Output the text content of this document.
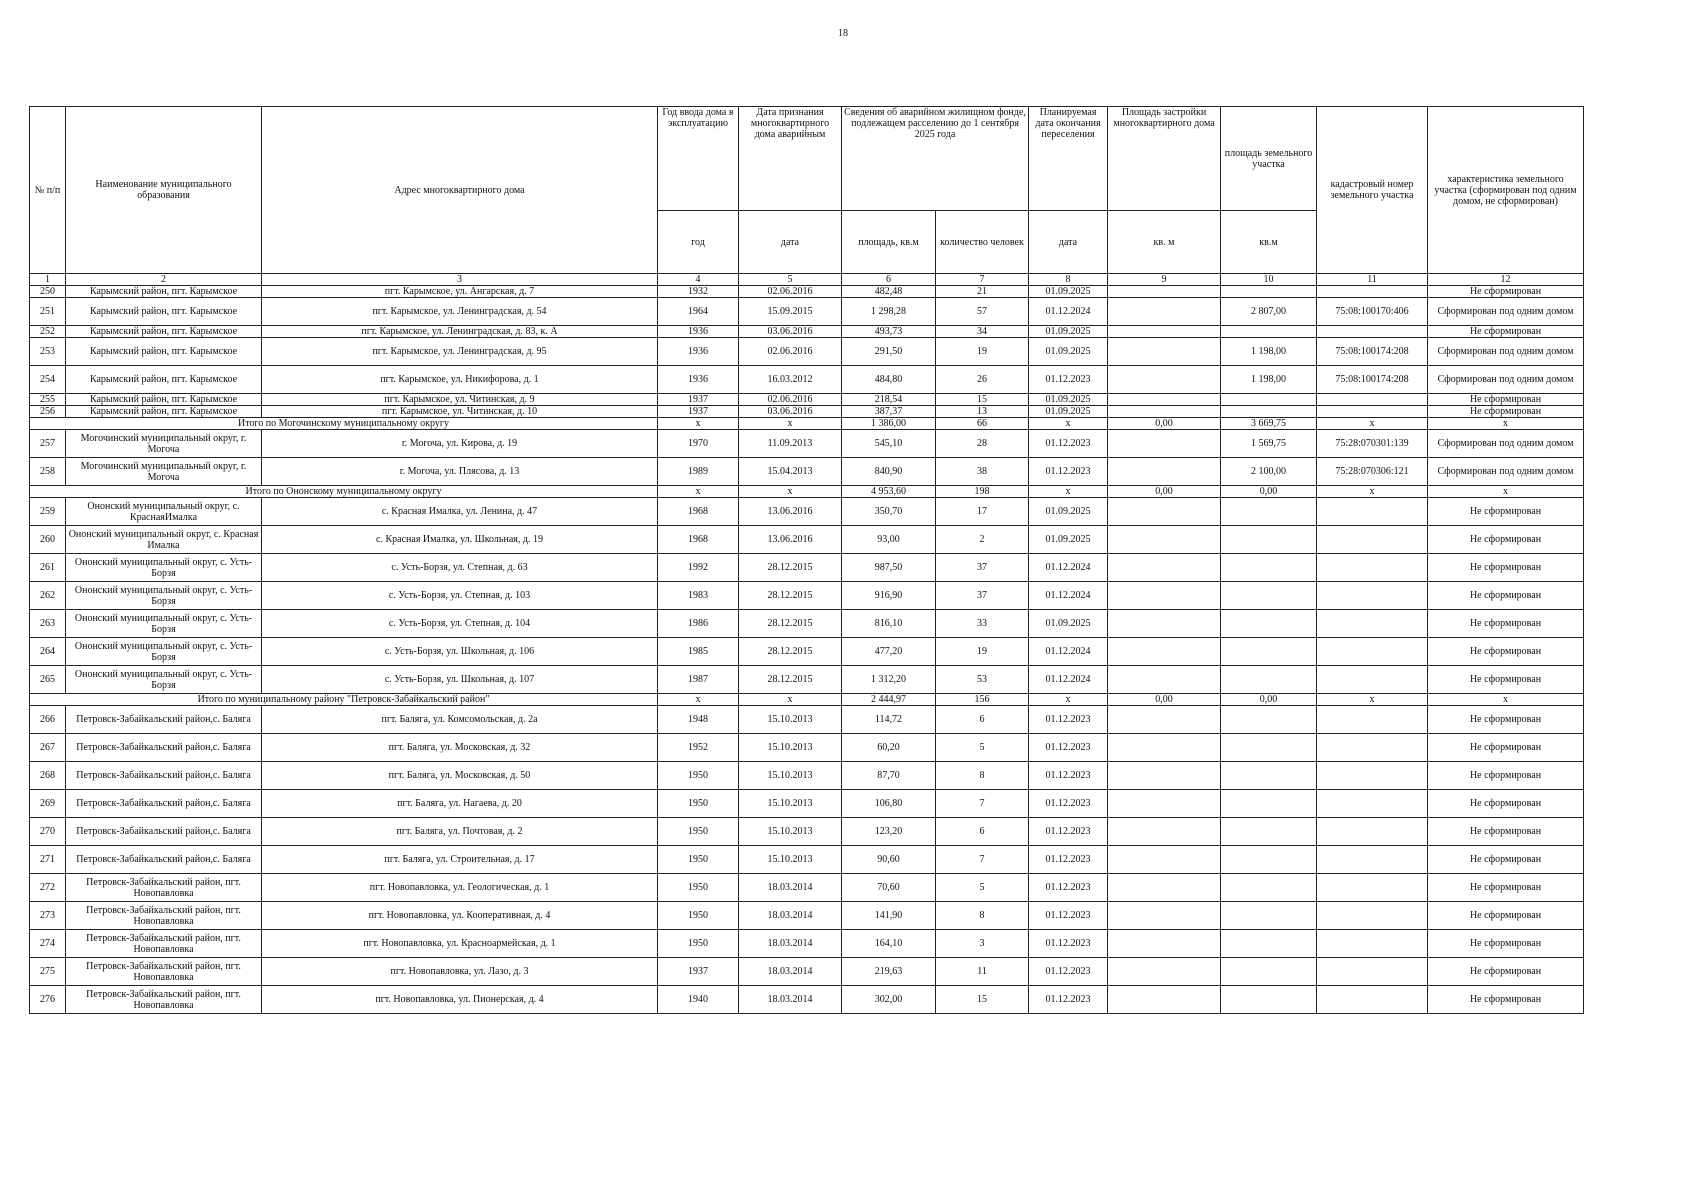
18
№ п/п	Наименование муниципального образования	Адрес многоквартирного дома	Год ввода дома в эксплуатацию	Дата признания многоквартирного дома аварийным	Сведения об аварийном жилищном фонде, подлежащем расселению до 1 сентября 2025 года		Планируемая дата окончания переселения	Площадь застройки многоквартирного дома	площадь земельного участка	кадастровый номер земельного участка	характеристика земельного участка (сформирован под одним домом, не сформирован)
			год	дата	площадь, кв.м	количество человек	дата	кв. м	кв.м		
1	2	3	4	5	6	7	8	9	10	11	12
250	Карымский район, пгт. Карымское	пгт. Карымское, ул. Ангарская, д. 7	1932	02.06.2016	482,48	21	01.09.2025				Не сформирован
251	Карымский район, пгт. Карымское	пгт. Карымское, ул. Ленинградская, д. 54	1964	15.09.2015	1 298,28	57	01.12.2024		2 807,00	75:08:100170:406	Сформирован под одним домом
252	Карымский район, пгт. Карымское	пгт. Карымское, ул. Ленинградская, д. 83, к. А	1936	03.06.2016	493,73	34	01.09.2025				Не сформирован
253	Карымский район, пгт. Карымское	пгт. Карымское, ул. Ленинградская, д. 95	1936	02.06.2016	291,50	19	01.09.2025		1 198,00	75:08:100174:208	Сформирован под одним домом
254	Карымский район, пгт. Карымское	пгт. Карымское, ул. Никифорова, д. 1	1936	16.03.2012	484,80	26	01.12.2023		1 198,00	75:08:100174:208	Сформирован под одним домом
255	Карымский район, пгт. Карымское	пгт. Карымское, ул. Читинская, д. 9	1937	02.06.2016	218,54	15	01.09.2025				Не сформирован
256	Карымский район, пгт. Карымское	пгт. Карымское, ул. Читинская, д. 10	1937	03.06.2016	387,37	13	01.09.2025				Не сформирован
Итого по Могочинскому муниципальному округу			x	x	1 386,00	66	x	0,00	3 669,75	x	x
257	Могочинский муниципальный округ, г. Могоча	г. Могоча, ул. Кирова, д. 19	1970	11.09.2013	545,10	28	01.12.2023		1 569,75	75:28:070301:139	Сформирован под одним домом
258	Могочинский муниципальный округ, г. Могоча	г. Могоча, ул. Плясова, д. 13	1989	15.04.2013	840,90	38	01.12.2023		2 100,00	75:28:070306:121	Сформирован под одним домом
Итого по Ононскому муниципальному округу			x	x	4 953,60	198	x	0,00	0,00	x	x
259	Ононский муниципальный округ, с. КраснаяИмалка	с. Красная Ималка, ул. Ленина, д. 47	1968	13.06.2016	350,70	17	01.09.2025				Не сформирован
260	Ононский муниципальный округ, с. Красная Ималка	с. Красная Ималка, ул. Школьная, д. 19	1968	13.06.2016	93,00	2	01.09.2025				Не сформирован
261	Ононский муниципальный округ, с. Усть-Борзя	с. Усть-Борзя, ул. Степная, д. 63	1992	28.12.2015	987,50	37	01.12.2024				Не сформирован
262	Ононский муниципальный округ, с. Усть-Борзя	с. Усть-Борзя, ул. Степная, д. 103	1983	28.12.2015	916,90	37	01.12.2024				Не сформирован
263	Ононский муниципальный округ, с. Усть-Борзя	с. Усть-Борзя, ул. Степная, д. 104	1986	28.12.2015	816,10	33	01.09.2025				Не сформирован
264	Ононский муниципальный округ, с. Усть-Борзя	с. Усть-Борзя, ул. Школьная, д. 106	1985	28.12.2015	477,20	19	01.12.2024				Не сформирован
265	Ононский муниципальный округ, с. Усть-Борзя	с. Усть-Борзя, ул. Школьная, д. 107	1987	28.12.2015	1 312,20	53	01.12.2024				Не сформирован
Итого по муниципальному району "Петровск-Забайкальский район"			x	x	2 444,97	156	x	0,00	0,00	x	x
266	Петровск-Забайкальский район,с. Балягa	пгт. Балягa, ул. Комсомольская, д. 2а	1948	15.10.2013	114,72	6	01.12.2023				Не сформирован
267	Петровск-Забайкальский район,с. Балягa	пгт. Балягa, ул. Московская, д. 32	1952	15.10.2013	60,20	5	01.12.2023				Не сформирован
268	Петровск-Забайкальский район,с. Балягa	пгт. Балягa, ул. Московская, д. 50	1950	15.10.2013	87,70	8	01.12.2023				Не сформирован
269	Петровск-Забайкальский район,с. Балягa	пгт. Балягa, ул. Нагаева, д. 20	1950	15.10.2013	106,80	7	01.12.2023				Не сформирован
270	Петровск-Забайкальский район,с. Балягa	пгт. Балягa, ул. Почтовая, д. 2	1950	15.10.2013	123,20	6	01.12.2023				Не сформирован
271	Петровск-Забайкальский район,с. Балягa	пгт. Балягa, ул. Строительная, д. 17	1950	15.10.2013	90,60	7	01.12.2023				Не сформирован
272	Петровск-Забайкальский район, пгт. Новопавловка	пгт. Новопавловка, ул. Геологическая, д. 1	1950	18.03.2014	70,60	5	01.12.2023				Не сформирован
273	Петровск-Забайкальский район, пгт. Новопавловка	пгт. Новопавловка, ул. Кооперативная, д. 4	1950	18.03.2014	141,90	8	01.12.2023				Не сформирован
274	Петровск-Забайкальский район, пгт. Новопавловка	пгт. Новопавловка, ул. Красноармейская, д. 1	1950	18.03.2014	164,10	3	01.12.2023				Не сформирован
275	Петровск-Забайкальский район, пгт. Новопавловка	пгт. Новопавловка, ул. Лазо, д. 3	1937	18.03.2014	219,63	11	01.12.2023				Не сформирован
276	Петровск-Забайкальский район, пгт. Новопавловка	пгт. Новопавловка, ул. Пионерская, д. 4	1940	18.03.2014	302,00	15	01.12.2023				Не сформирован
